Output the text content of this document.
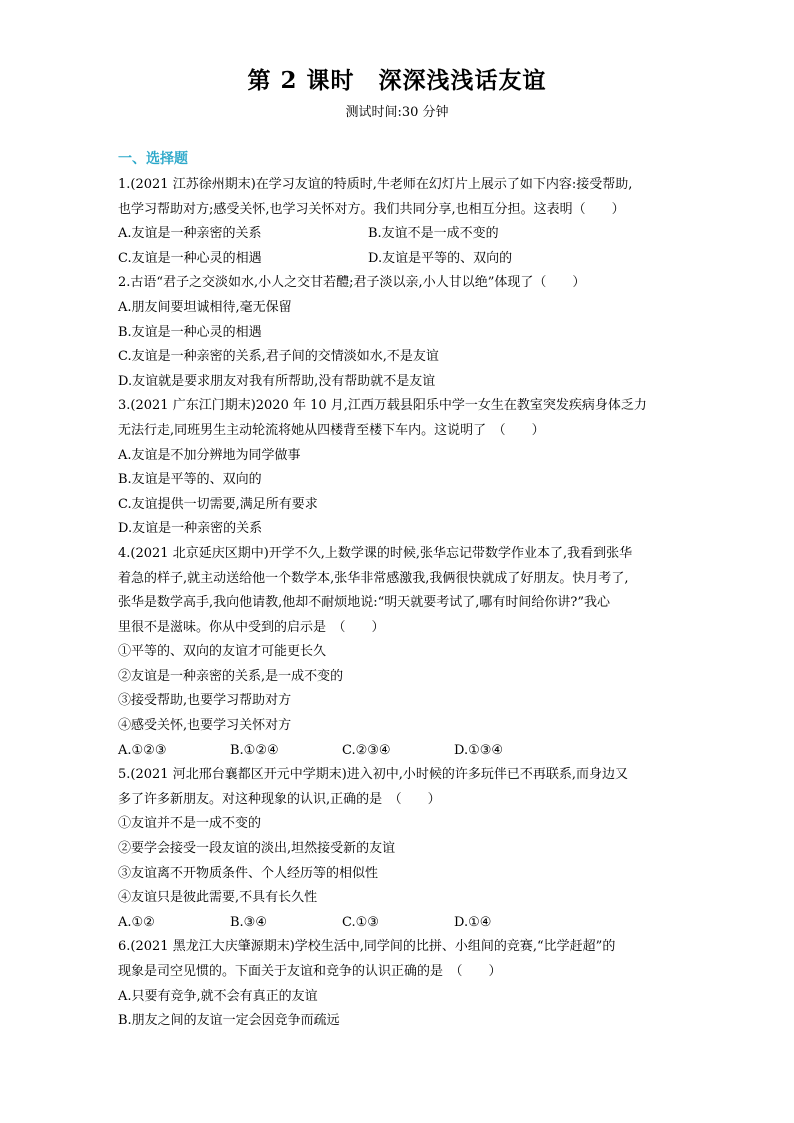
第 2 课时　深深浅浅话友谊
测试时间:30 分钟
一、选择题
1.(2021 江苏徐州期末)在学习友谊的特质时,牛老师在幻灯片上展示了如下内容:接受帮助,
也学习帮助对方;感受关怀,也学习关怀对方。我们共同分享,也相互分担。这表明（　　）
A.友谊是一种亲密的关系	B.友谊不是一成不变的
C.友谊是一种心灵的相遇	D.友谊是平等的、双向的
2.古语“君子之交淡如水,小人之交甘若醴;君子淡以亲,小人甘以绝”体现了（　　）
A.朋友间要坦诚相待,毫无保留
B.友谊是一种心灵的相遇
C.友谊是一种亲密的关系,君子间的交情淡如水,不是友谊
D.友谊就是要求朋友对我有所帮助,没有帮助就不是友谊
3.(2021 广东江门期末)2020 年 10 月,江西万载县阳乐中学一女生在教室突发疾病身体乏力
无法行走,同班男生主动轮流将她从四楼背至楼下车内。这说明了　（　　）
A.友谊是不加分辨地为同学做事
B.友谊是平等的、双向的
C.友谊提供一切需要,满足所有要求
D.友谊是一种亲密的关系
4.(2021 北京延庆区期中)开学不久,上数学课的时候,张华忘记带数学作业本了,我看到张华
着急的样子,就主动送给他一个数学本,张华非常感激我,我俩很快就成了好朋友。快月考了,
张华是数学高手,我向他请教,他却不耐烦地说:“明天就要考试了,哪有时间给你讲?”我心
里很不是滋味。你从中受到的启示是　（　　）
①平等的、双向的友谊才可能更长久
②友谊是一种亲密的关系,是一成不变的
③接受帮助,也要学习帮助对方
④感受关怀,也要学习关怀对方
A.①②③	B.①②④	C.②③④	D.①③④
5.(2021 河北邢台襄都区开元中学期末)进入初中,小时候的许多玩伴已不再联系,而身边又
多了许多新朋友。对这种现象的认识,正确的是　（　　）
①友谊并不是一成不变的
②要学会接受一段友谊的淡出,坦然接受新的友谊
③友谊离不开物质条件、个人经历等的相似性
④友谊只是彼此需要,不具有长久性
A.①②	B.③④	C.①③	D.①④
6.(2021 黑龙江大庆肇源期末)学校生活中,同学间的比拼、小组间的竞赛,“比学赶超”的
现象是司空见惯的。下面关于友谊和竞争的认识正确的是　（　　）
A.只要有竞争,就不会有真正的友谊
B.朋友之间的友谊一定会因竞争而疏远
